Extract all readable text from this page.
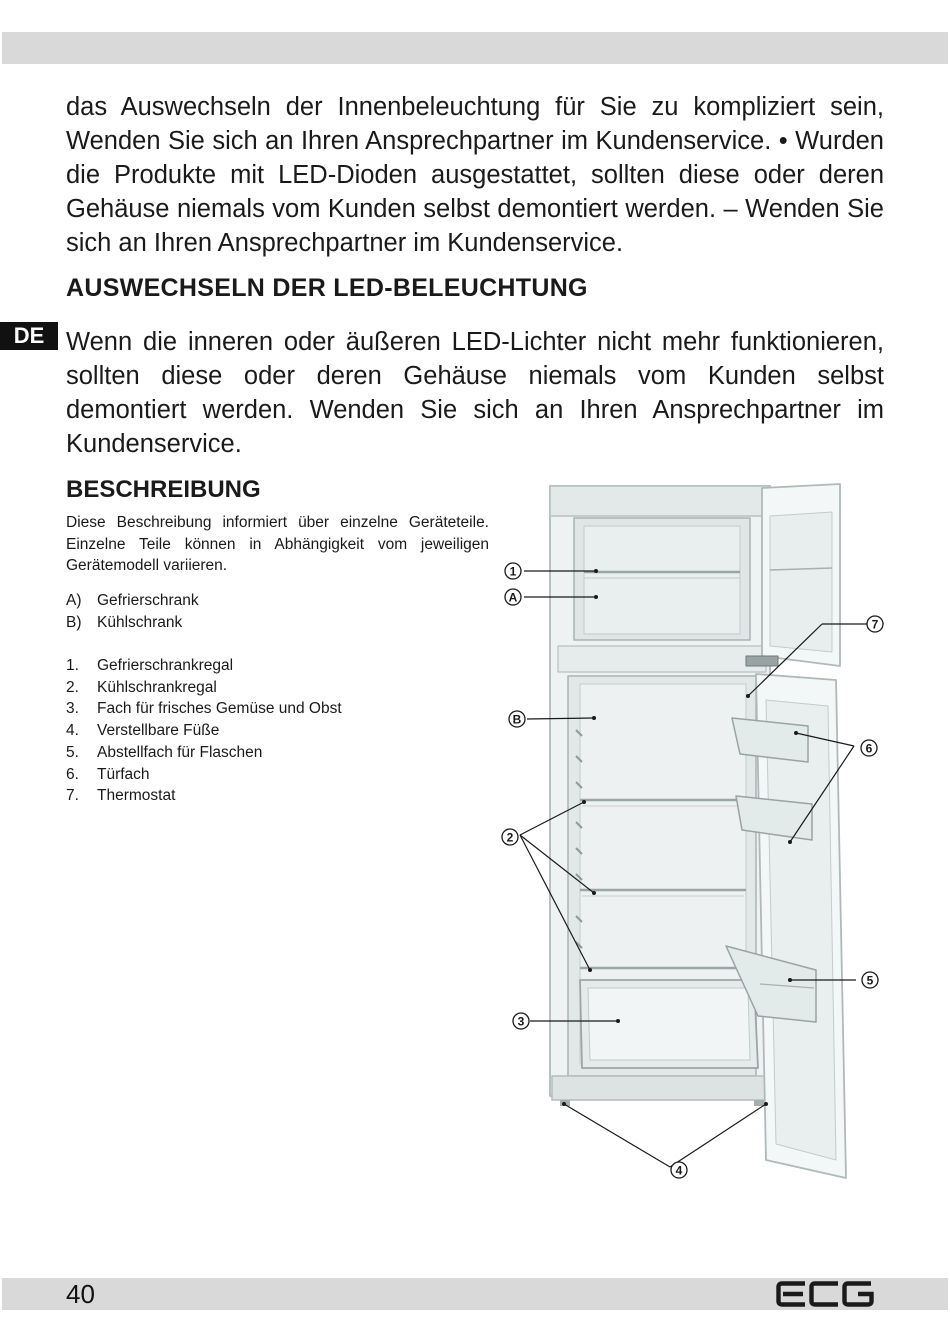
DE

das Auswechseln der Innenbeleuchtung für Sie zu kompliziert sein, Wenden Sie sich an Ihren Ansprechpartner im Kundenservice. • Wurden die Produkte mit LED-Dioden ausgestattet, sollten diese oder deren Gehäuse niemals vom Kunden selbst demontiert werden. – Wenden Sie sich an Ihren Ansprechpartner im Kundenservice.

AUSWECHSELN DER LED-BELEUCHTUNG

Wenn die inneren oder äußeren LED-Lichter nicht mehr funktionieren, sollten diese oder deren Gehäuse niemals vom Kunden selbst demontiert werden. Wenden Sie sich an Ihren Ansprechpartner im Kundenservice.

BESCHREIBUNG

Diese Beschreibung informiert über einzelne Geräteteile. Einzelne Teile können in Abhängigkeit vom jeweiligen Gerätemodell variieren.

A)	Gefrierschrank
B)	Kühlschrank
1.	Gefrierschrankregal
2.	Kühlschrankregal
3.	Fach für frisches Gemüse und Obst
4.	Verstellbare Füße
5.	Abstellfach für Flaschen
6.	Türfach
7.	Thermostat
1
A
B
2
3
7
6
5
4
40
